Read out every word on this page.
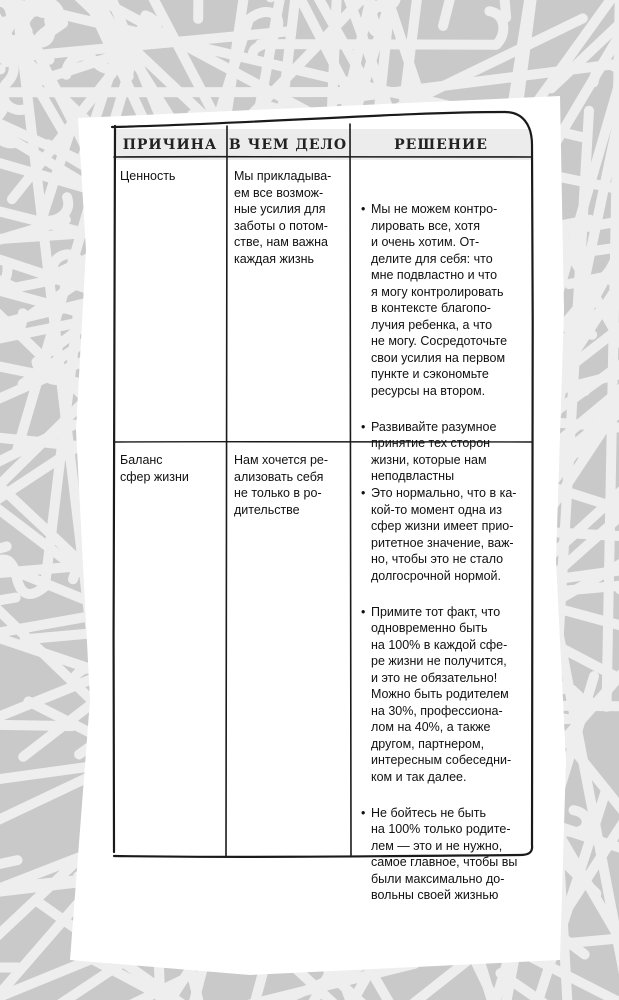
ПРИЧИНА В ЧЕМ ДЕЛО	РЕШЕНИЕ
Ценность	Мы прикладыва-
ем все возмож-
ные усилия для
заботы о потом-
стве, нам важна
каждая жизнь

• Мы не можем контро-
лировать все, хотя
и очень хотим. От-
делите для себя: что
мне подвластно и что
я могу контролировать
в контексте благопо-
лучия ребенка, а что
не могу. Сосредоточьте
свои усилия на первом
пункте и сэкономьте
ресурсы на втором.

• Развивайте разумное
принятие тех сторон
жизни, которые нам
неподвластны

Баланс
сфер жизни
Нам хочется ре-
ализовать себя
не только в ро-
дительстве

• Это нормально, что в ка-
кой-то момент одна из
сфер жизни имеет прио-
ритетное значение, важ-
но, чтобы это не стало
долгосрочной нормой.

• Примите тот факт, что
одновременно быть
на 100% в каждой сфе-
ре жизни не получится,
и это не обязательно!
Можно быть родителем
на 30%, профессиона-
лом на 40%, а также
другом, партнером,
интересным собеседни-
ком и так далее.

• Не бойтесь не быть
на 100% только родите-
лем — это и не нужно,
самое главное, чтобы вы
были максимально до-
вольны своей жизнью
